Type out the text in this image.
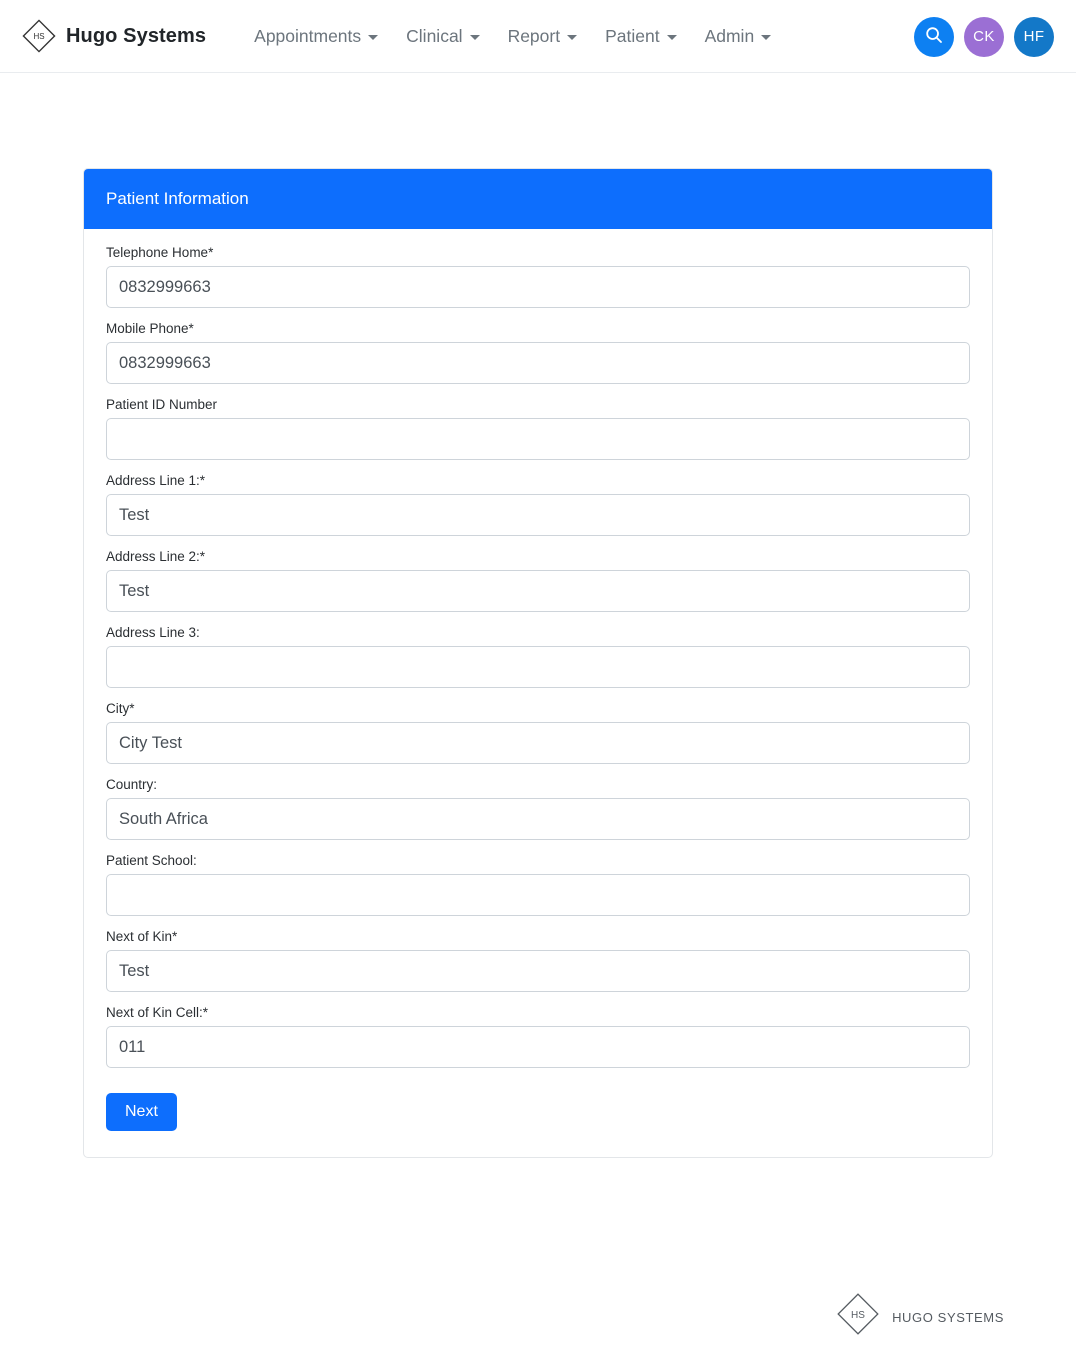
HS Hugo Systems	Appointments	Clinical	Report	Patient	Admin	CK HF
Patient Information
Telephone Home*
0832999663
Mobile Phone*
0832999663
Patient ID Number
Address Line 1:*
Test
Address Line 2:*
Test
Address Line 3:
City*
City Test
Country:
South Africa
Patient School:
Next of Kin*
Test
Next of Kin Cell:*
011
Next
HS HUGO SYSTEMS
